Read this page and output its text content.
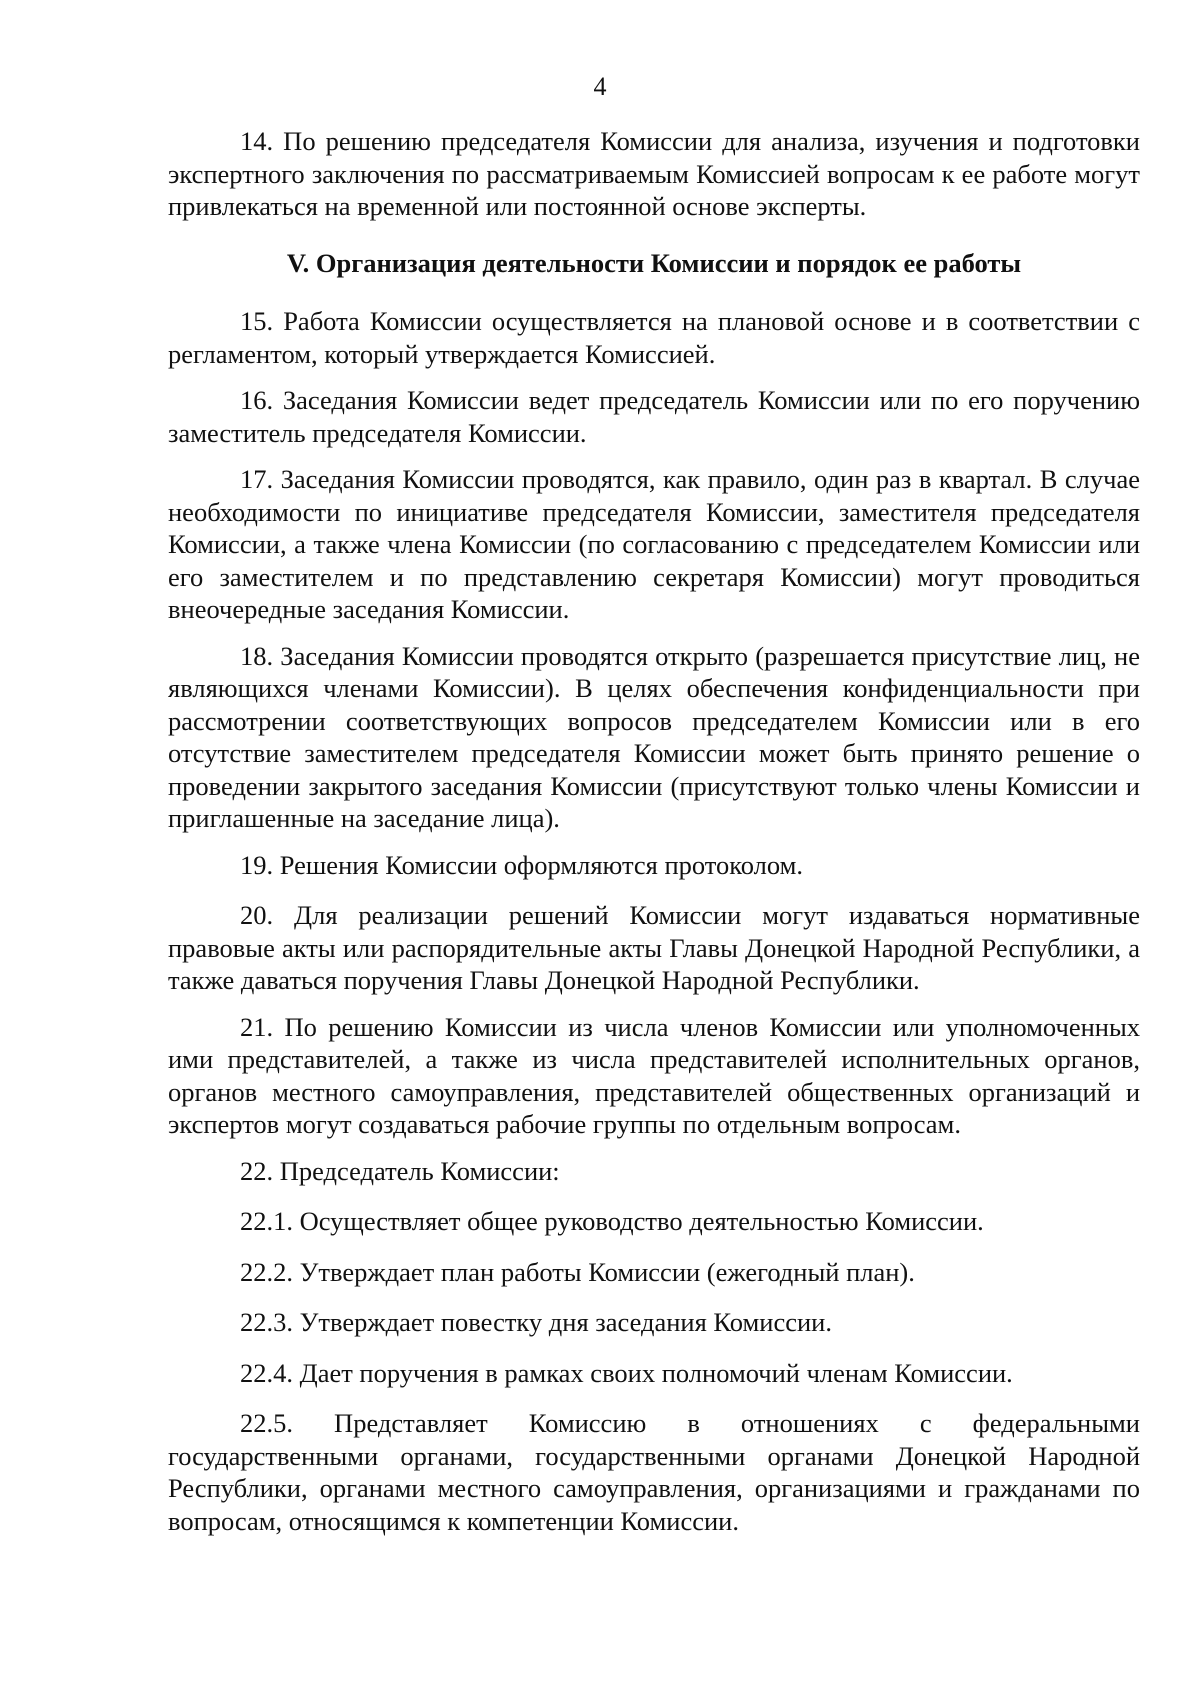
4

14. По решению председателя Комиссии для анализа, изучения и подготовки экспертного заключения по рассматриваемым Комиссией вопросам к ее работе могут привлекаться на временной или постоянной основе эксперты.

V. Организация деятельности Комиссии и порядок ее работы

15. Работа Комиссии осуществляется на плановой основе и в соответствии с регламентом, который утверждается Комиссией.

16. Заседания Комиссии ведет председатель Комиссии или по его поручению заместитель председателя Комиссии.

17. Заседания Комиссии проводятся, как правило, один раз в квартал. В случае необходимости по инициативе председателя Комиссии, заместителя председателя Комиссии, а также члена Комиссии (по согласованию с председателем Комиссии или его заместителем и по представлению секретаря Комиссии) могут проводиться внеочередные заседания Комиссии.

18. Заседания Комиссии проводятся открыто (разрешается присутствие лиц, не являющихся членами Комиссии). В целях обеспечения конфиденциальности при рассмотрении соответствующих вопросов председателем Комиссии или в его отсутствие заместителем председателя Комиссии может быть принято решение о проведении закрытого заседания Комиссии (присутствуют только члены Комиссии и приглашенные на заседание лица).

19. Решения Комиссии оформляются протоколом.

20. Для реализации решений Комиссии могут издаваться нормативные правовые акты или распорядительные акты Главы Донецкой Народной Республики, а также даваться поручения Главы Донецкой Народной Республики.

21. По решению Комиссии из числа членов Комиссии или уполномоченных ими представителей, а также из числа представителей исполнительных органов, органов местного самоуправления, представителей общественных организаций и экспертов могут создаваться рабочие группы по отдельным вопросам.

22. Председатель Комиссии:

22.1. Осуществляет общее руководство деятельностью Комиссии.

22.2. Утверждает план работы Комиссии (ежегодный план).

22.3. Утверждает повестку дня заседания Комиссии.

22.4. Дает поручения в рамках своих полномочий членам Комиссии.

22.5. Представляет Комиссию в отношениях с федеральными государственными органами, государственными органами Донецкой Народной Республики, органами местного самоуправления, организациями и гражданами по вопросам, относящимся к компетенции Комиссии.
